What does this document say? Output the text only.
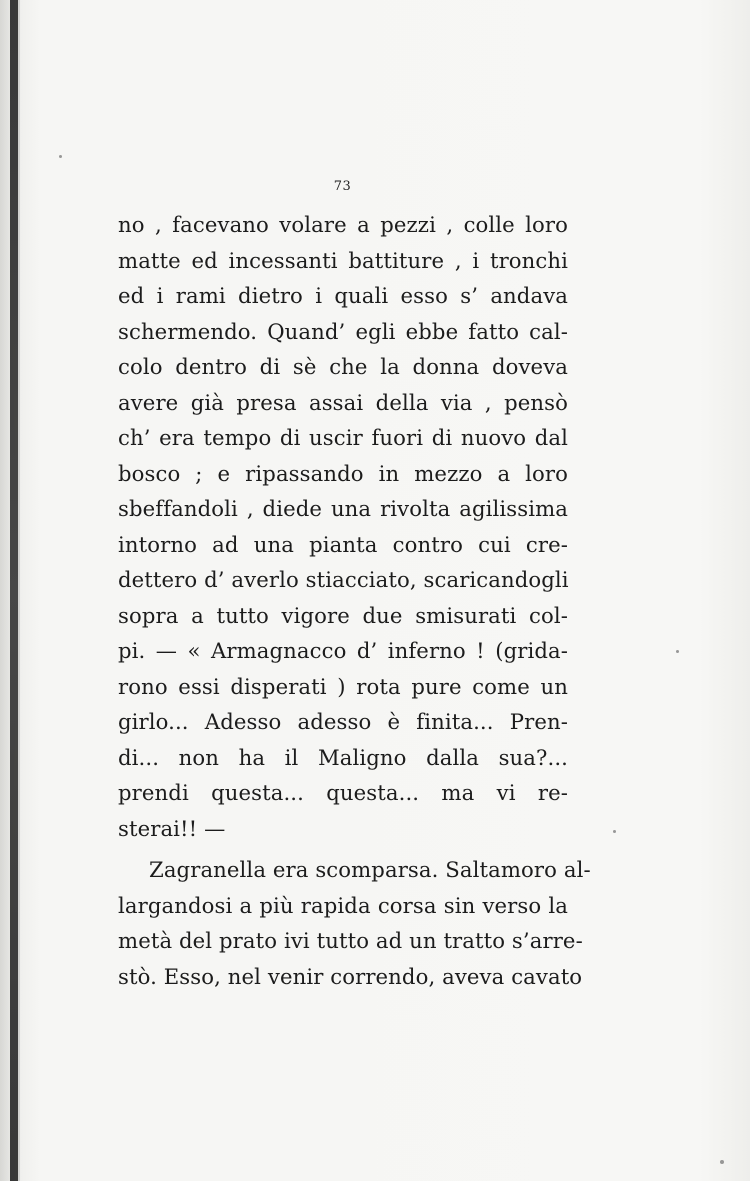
73
no , facevano volare a pezzi , colle loro
matte ed incessanti battiture , i tronchi
ed i rami dietro i quali esso s’ andava
schermendo. Quand’ egli ebbe fatto cal-
colo dentro di sè che la donna doveva
avere già presa assai della via , pensò
ch’ era tempo di uscir fuori di nuovo dal
bosco ; e ripassando in mezzo a loro
sbeffandoli , diede una rivolta agilissima
intorno ad una pianta contro cui cre-
dettero d’ averlo stiacciato, scaricandogli
sopra a tutto vigore due smisurati col-
pi. — « Armagnacco d’ inferno ! (grida-
rono essi disperati ) rota pure come un
girlo... Adesso adesso è finita... Pren-
di... non ha il Maligno dalla sua?...
prendi questa... questa... ma vi re-
sterai!! —
Zagranella era scomparsa. Saltamoro al-
largandosi a più rapida corsa sin verso la
metà del prato ivi tutto ad un tratto s’arre-
stò. Esso, nel venir correndo, aveva cavato
